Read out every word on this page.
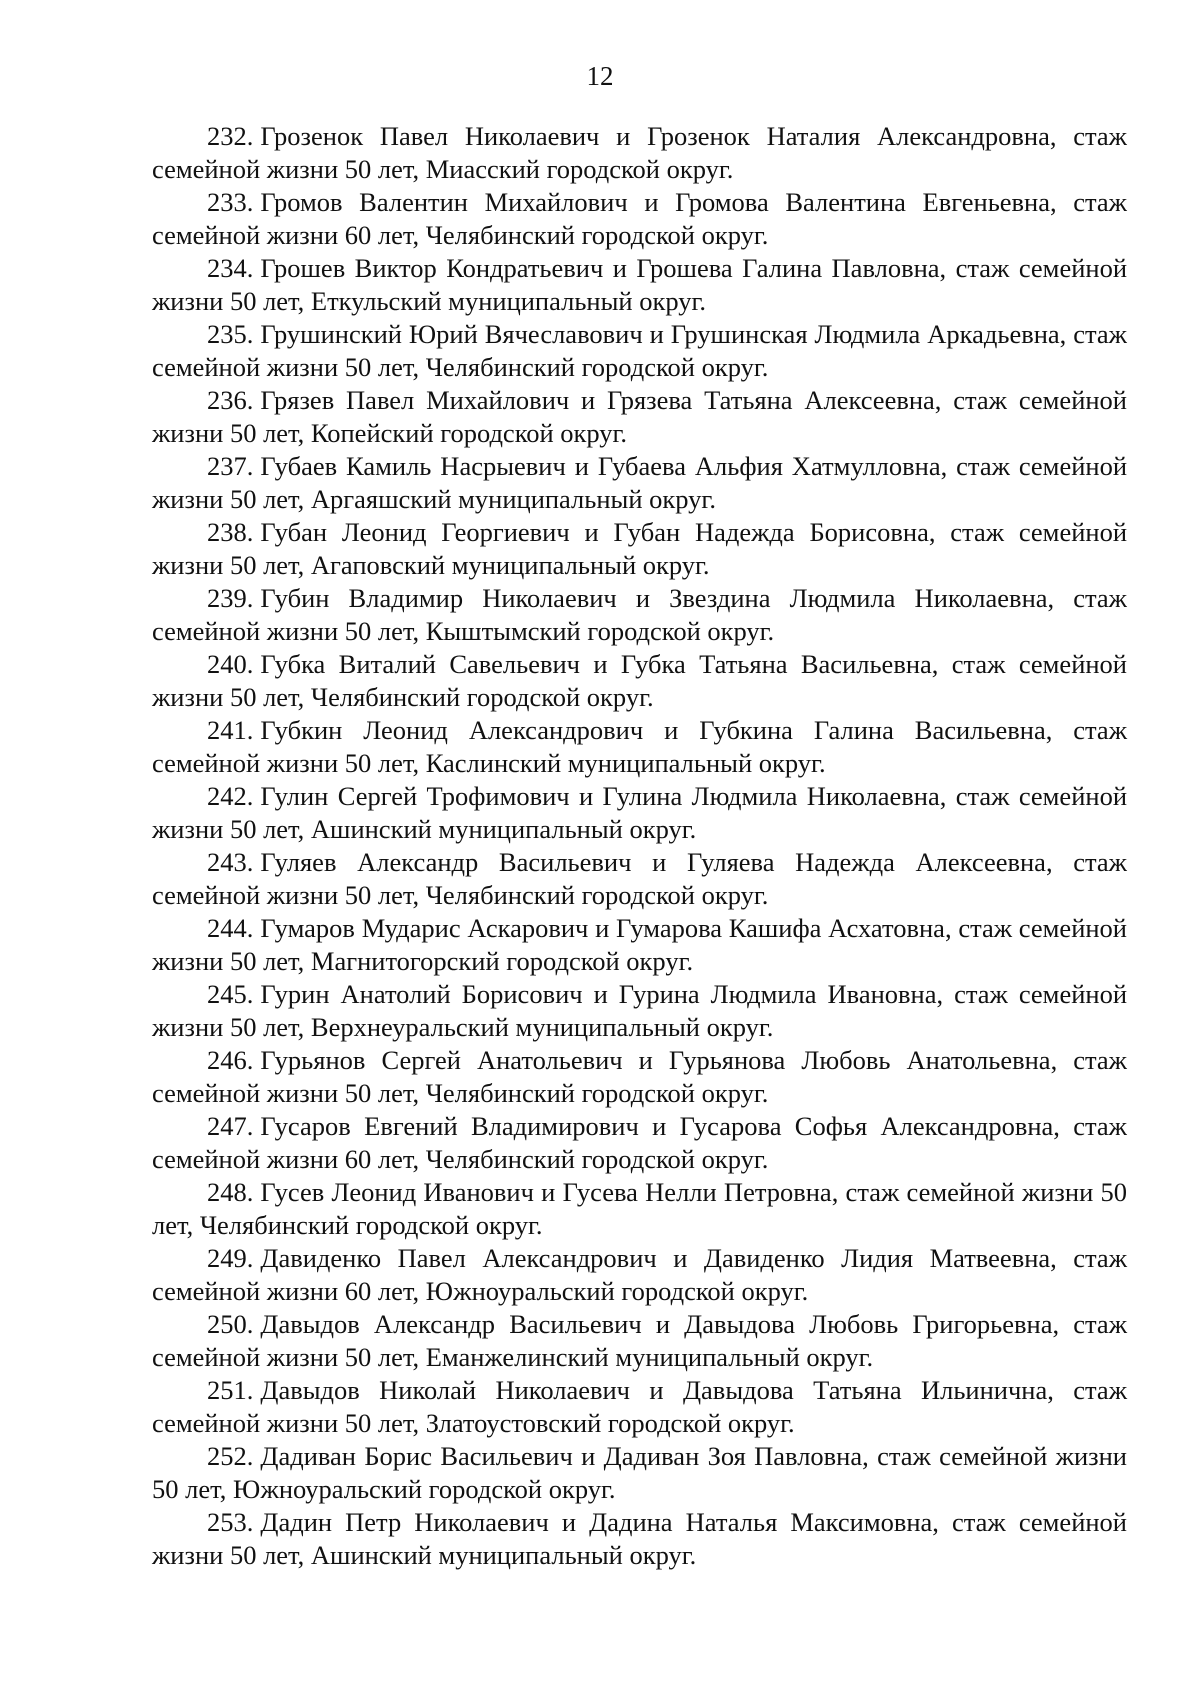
12

232. Грозенок Павел Николаевич и Грозенок Наталия Александровна, стаж семейной жизни 50 лет, Миасский городской округ.

233. Громов Валентин Михайлович и Громова Валентина Евгеньевна, стаж семейной жизни 60 лет, Челябинский городской округ.

234. Грошев Виктор Кондратьевич и Грошева Галина Павловна, стаж семейной жизни 50 лет, Еткульский муниципальный округ.

235. Грушинский Юрий Вячеславович и Грушинская Людмила Аркадьевна, стаж семейной жизни 50 лет, Челябинский городской округ.

236. Грязев Павел Михайлович и Грязева Татьяна Алексеевна, стаж семейной жизни 50 лет, Копейский городской округ.

237. Губаев Камиль Насрыевич и Губаева Альфия Хатмулловна, стаж семейной жизни 50 лет, Аргаяшский муниципальный округ.

238. Губан Леонид Георгиевич и Губан Надежда Борисовна, стаж семейной жизни 50 лет, Агаповский муниципальный округ.

239. Губин Владимир Николаевич и Звездина Людмила Николаевна, стаж семейной жизни 50 лет, Кыштымский городской округ.

240. Губка Виталий Савельевич и Губка Татьяна Васильевна, стаж семейной жизни 50 лет, Челябинский городской округ.

241. Губкин Леонид Александрович и Губкина Галина Васильевна, стаж семейной жизни 50 лет, Каслинский муниципальный округ.

242. Гулин Сергей Трофимович и Гулина Людмила Николаевна, стаж семейной жизни 50 лет, Ашинский муниципальный округ.

243. Гуляев Александр Васильевич и Гуляева Надежда Алексеевна, стаж семейной жизни 50 лет, Челябинский городской округ.

244. Гумаров Мударис Аскарович и Гумарова Кашифа Асхатовна, стаж семейной жизни 50 лет, Магнитогорский городской округ.

245. Гурин Анатолий Борисович и Гурина Людмила Ивановна, стаж семейной жизни 50 лет, Верхнеуральский муниципальный округ.

246. Гурьянов Сергей Анатольевич и Гурьянова Любовь Анатольевна, стаж семейной жизни 50 лет, Челябинский городской округ.

247. Гусаров Евгений Владимирович и Гусарова Софья Александровна, стаж семейной жизни 60 лет, Челябинский городской округ.

248. Гусев Леонид Иванович и Гусева Нелли Петровна, стаж семейной жизни 50 лет, Челябинский городской округ.

249. Давиденко Павел Александрович и Давиденко Лидия Матвеевна, стаж семейной жизни 60 лет, Южноуральский городской округ.

250. Давыдов Александр Васильевич и Давыдова Любовь Григорьевна, стаж семейной жизни 50 лет, Еманжелинский муниципальный округ.

251. Давыдов Николай Николаевич и Давыдова Татьяна Ильинична, стаж семейной жизни 50 лет, Златоустовский городской округ.

252. Дадиван Борис Васильевич и Дадиван Зоя Павловна, стаж семейной жизни 50 лет, Южноуральский городской округ.

253. Дадин Петр Николаевич и Дадина Наталья Максимовна, стаж семейной жизни 50 лет, Ашинский муниципальный округ.
